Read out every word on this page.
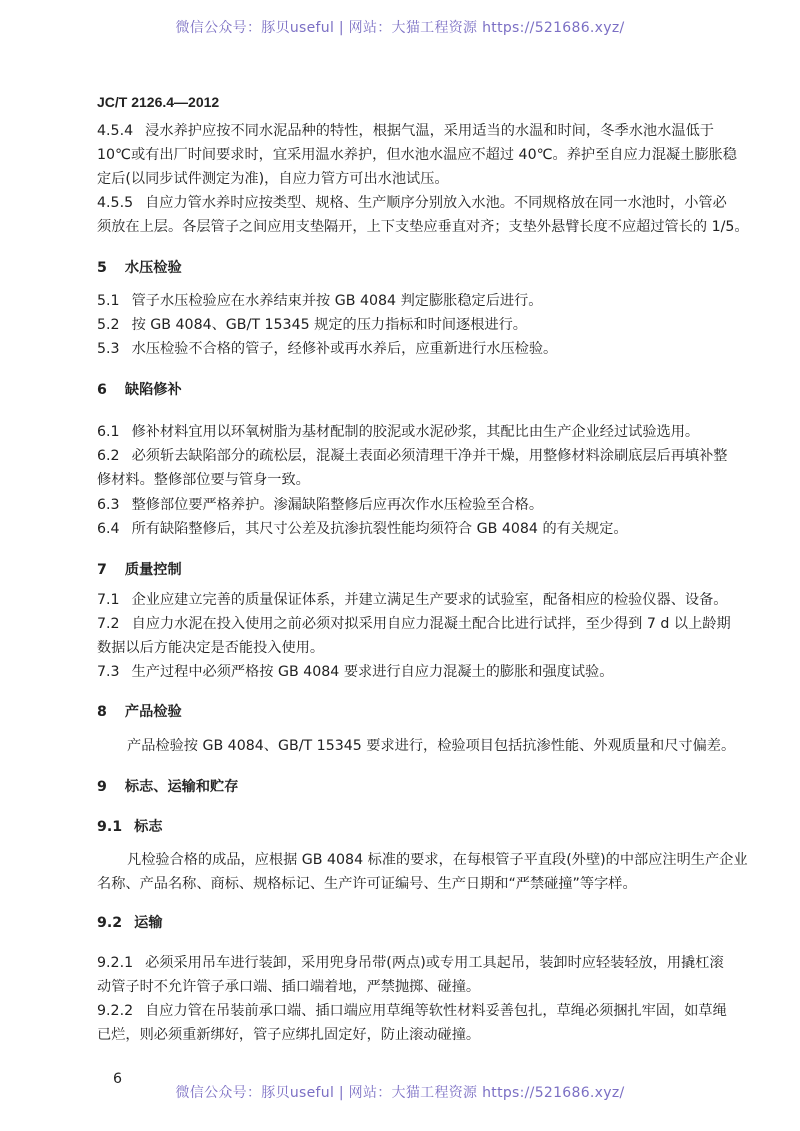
微信公众号：豚贝useful | 网站：大猫工程资源 https://521686.xyz/
JC/T 2126.4—2012
4.5.4 浸水养护应按不同水泥品种的特性，根据气温，采用适当的水温和时间，冬季水池水温低于
10℃或有出厂时间要求时，宜采用温水养护，但水池水温应不超过 40℃。养护至自应力混凝土膨胀稳
定后(以同步试件测定为准)，自应力管方可出水池试压。
4.5.5 自应力管水养时应按类型、规格、生产顺序分别放入水池。不同规格放在同一水池时，小管必
须放在上层。各层管子之间应用支垫隔开，上下支垫应垂直对齐；支垫外悬臂长度不应超过管长的 1/5。
5 水压检验
5.1 管子水压检验应在水养结束并按 GB 4084 判定膨胀稳定后进行。
5.2 按 GB 4084、GB/T 15345 规定的压力指标和时间逐根进行。
5.3 水压检验不合格的管子，经修补或再水养后，应重新进行水压检验。
6 缺陷修补
6.1 修补材料宜用以环氧树脂为基材配制的胶泥或水泥砂浆，其配比由生产企业经过试验选用。
6.2 必须斩去缺陷部分的疏松层，混凝土表面必须清理干净并干燥，用整修材料涂刷底层后再填补整
修材料。整修部位要与管身一致。
6.3 整修部位要严格养护。渗漏缺陷整修后应再次作水压检验至合格。
6.4 所有缺陷整修后，其尺寸公差及抗渗抗裂性能均须符合 GB 4084 的有关规定。
7 质量控制
7.1 企业应建立完善的质量保证体系，并建立满足生产要求的试验室，配备相应的检验仪器、设备。
7.2 自应力水泥在投入使用之前必须对拟采用自应力混凝土配合比进行试拌，至少得到 7 d 以上龄期
数据以后方能决定是否能投入使用。
7.3 生产过程中必须严格按 GB 4084 要求进行自应力混凝土的膨胀和强度试验。
8 产品检验
产品检验按 GB 4084、GB/T 15345 要求进行，检验项目包括抗渗性能、外观质量和尺寸偏差。
9 标志、运输和贮存
9.1 标志
凡检验合格的成品，应根据 GB 4084 标准的要求，在每根管子平直段(外壁)的中部应注明生产企业
名称、产品名称、商标、规格标记、生产许可证编号、生产日期和“严禁碰撞”等字样。
9.2 运输
9.2.1 必须采用吊车进行装卸，采用兜身吊带(两点)或专用工具起吊，装卸时应轻装轻放，用撬杠滚
动管子时不允许管子承口端、插口端着地，严禁抛掷、碰撞。
9.2.2 自应力管在吊装前承口端、插口端应用草绳等软性材料妥善包扎，草绳必须捆扎牢固，如草绳
已烂，则必须重新绑好，管子应绑扎固定好，防止滚动碰撞。
6
微信公众号：豚贝useful | 网站：大猫工程资源 https://521686.xyz/
